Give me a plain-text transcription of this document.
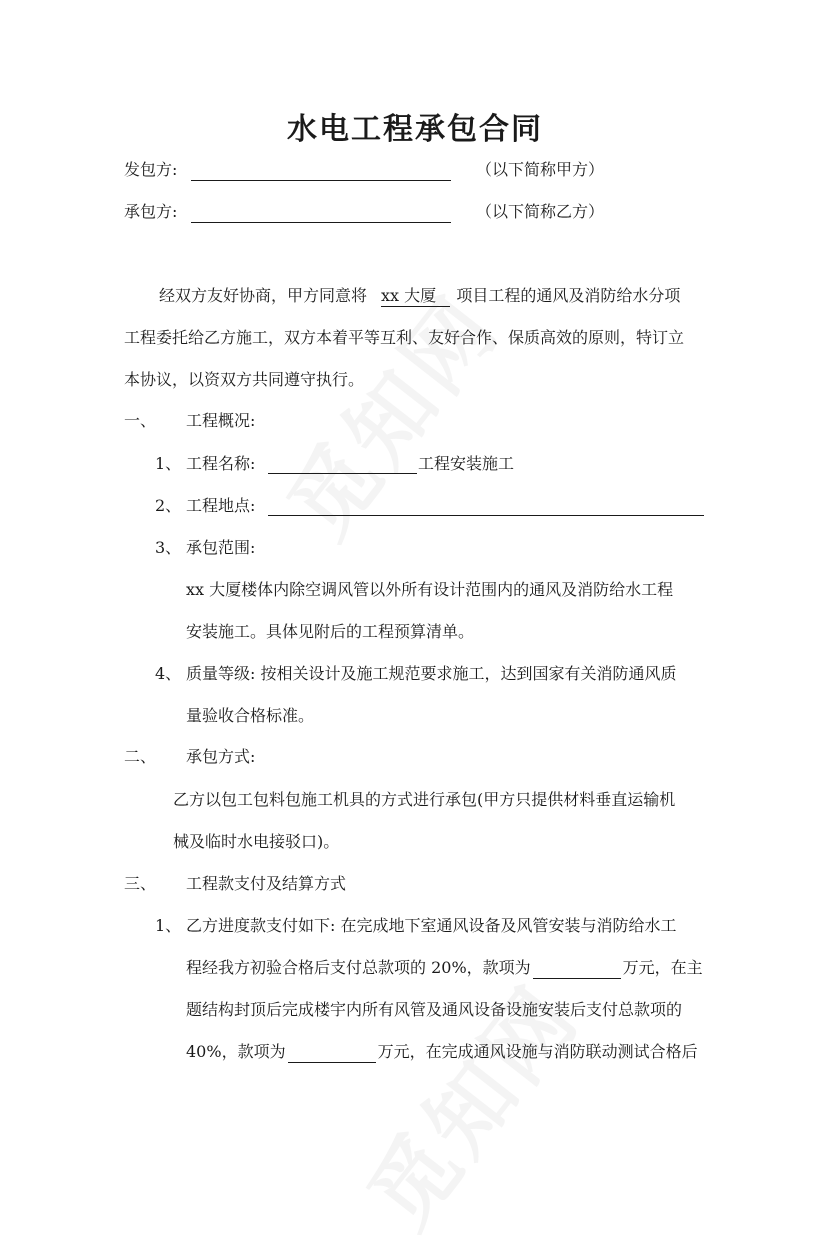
水电工程承包合同
发包方:	（以下简称甲方）
承包方:	（以下简称乙方）
经双方友好协商，甲方同意将 xx 大厦 项目工程的通风及消防给水分项
工程委托给乙方施工，双方本着平等互利、友好合作、保质高效的原则，特订立
本协议，以资双方共同遵守执行。
一、 工程概况:
1、 工程名称:	工程安装施工
2、 工程地点:
3、 承包范围:
xx 大厦楼体内除空调风管以外所有设计范围内的通风及消防给水工程
安装施工。具体见附后的工程预算清单。
4、 质量等级: 按相关设计及施工规范要求施工，达到国家有关消防通风质
量验收合格标准。
二、 承包方式:
乙方以包工包料包施工机具的方式进行承包(甲方只提供材料垂直运输机
械及临时水电接驳口)。
三、 工程款支付及结算方式
1、 乙方进度款支付如下: 在完成地下室通风设备及风管安装与消防给水工
程经我方初验合格后支付总款项的 20%，款项为	万元，在主
题结构封顶后完成楼宇内所有风管及通风设备设施安装后支付总款项的
40%，款项为	万元，在完成通风设施与消防联动测试合格后
